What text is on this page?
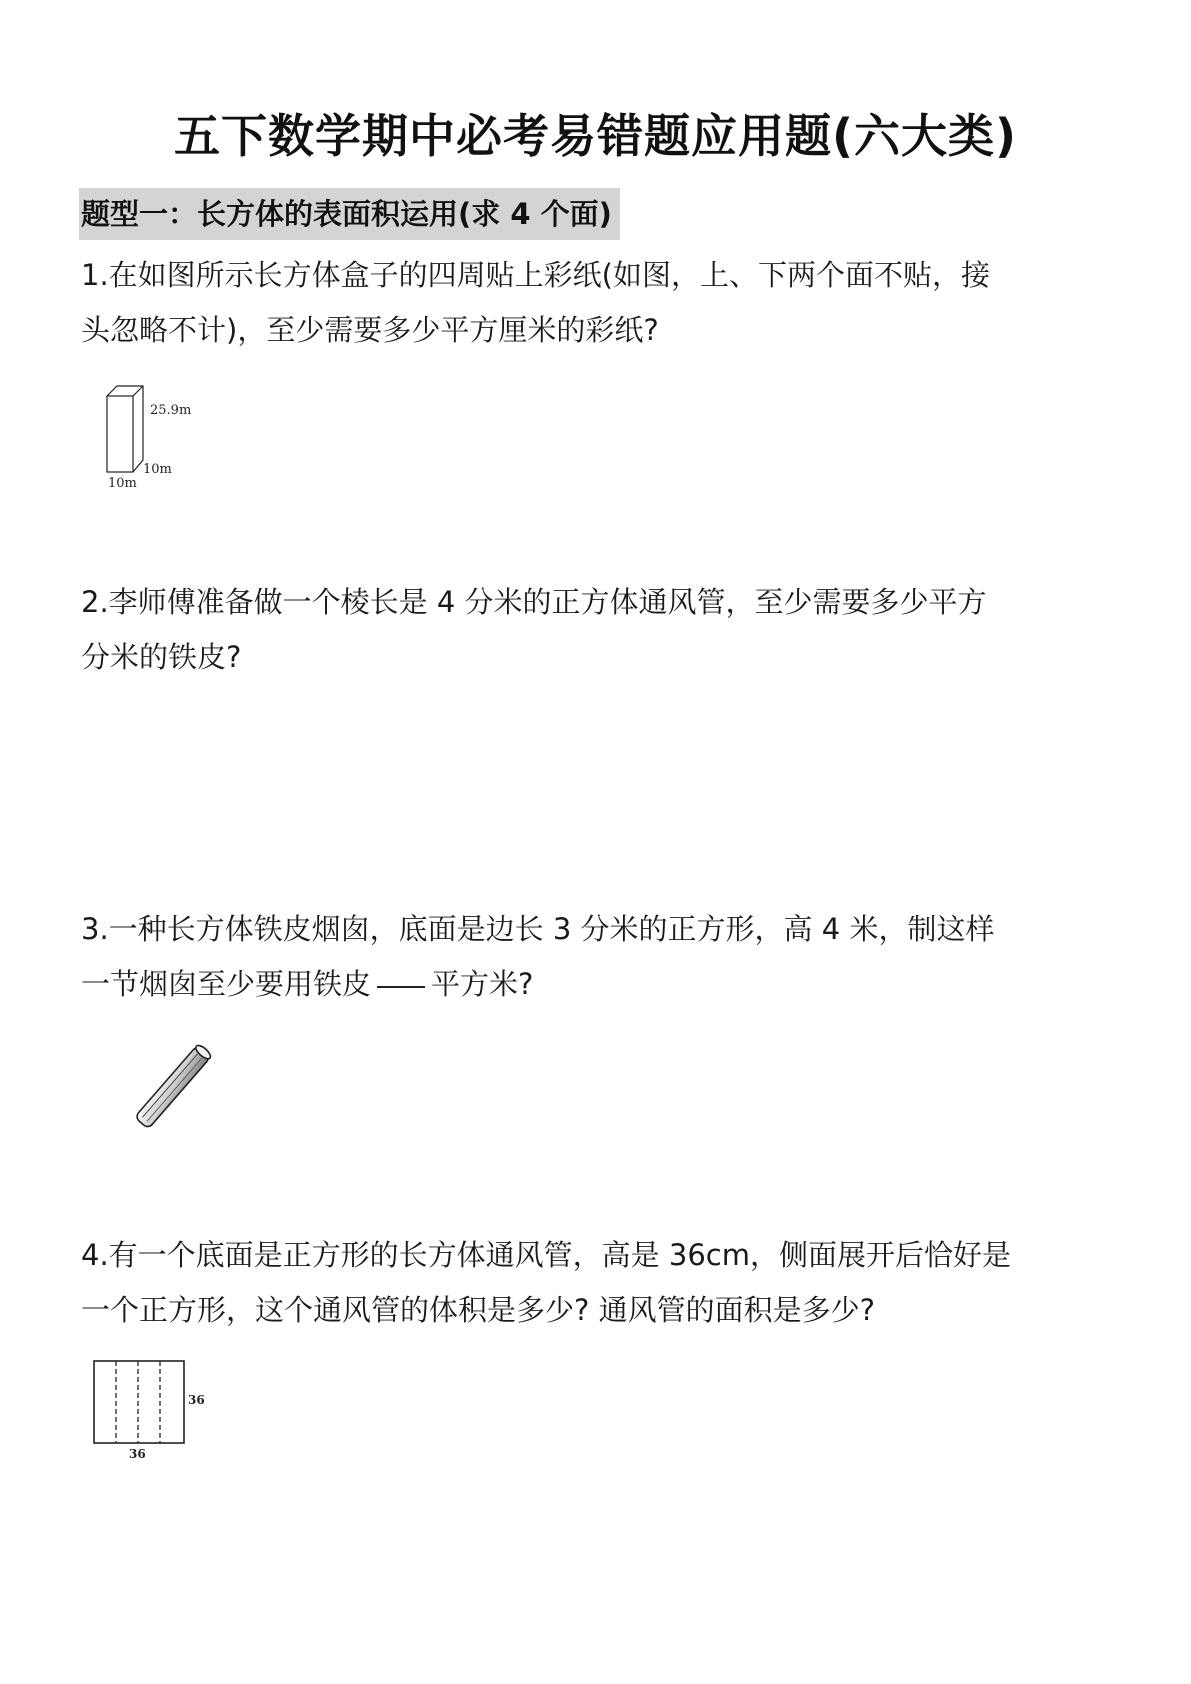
五下数学期中必考易错题应用题(六大类)
题型一：长方体的表面积运用(求 4 个面)
1.在如图所示长方体盒子的四周贴上彩纸(如图，上、下两个面不贴，接
头忽略不计)，至少需要多少平方厘米的彩纸?
25.9m
10m
10m
2.李师傅准备做一个棱长是 4 分米的正方体通风管，至少需要多少平方
分米的铁皮?
3.一种长方体铁皮烟囱，底面是边长 3 分米的正方形，高 4 米，制这样
一节烟囱至少要用铁皮 平方米?
4.有一个底面是正方形的长方体通风管，高是 36cm，侧面展开后恰好是
一个正方形，这个通风管的体积是多少? 通风管的面积是多少?
36
36
